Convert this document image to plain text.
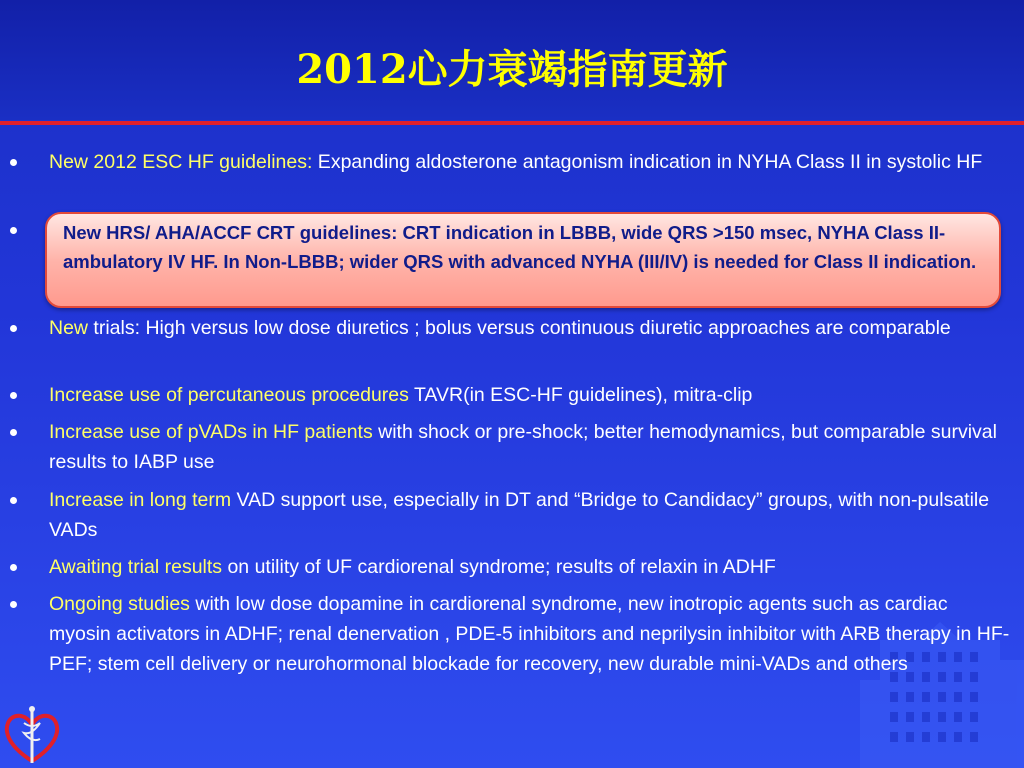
2012心力衰竭指南更新
New 2012 ESC HF guidelines: Expanding aldosterone antagonism indication in NYHA Class II in systolic HF
New trials: High versus low dose diuretics ; bolus versus continuous diuretic approaches are comparable
Increase use of percutaneous procedures TAVR(in ESC-HF guidelines), mitra-clip
Increase use of pVADs in HF patients with shock or pre-shock; better hemodynamics, but comparable survival results to IABP use
Increase in long term VAD support use, especially in DT and “Bridge to Candidacy” groups, with non-pulsatile VADs
Awaiting trial results on utility of UF cardiorenal syndrome; results of relaxin in ADHF
Ongoing studies with low dose dopamine in cardiorenal syndrome, new inotropic agents such as cardiac myosin activators in ADHF; renal denervation , PDE-5 inhibitors and neprilysin inhibitor with ARB therapy in HF-PEF; stem cell delivery or neurohormonal blockade for recovery, new durable mini-VADs and others
New HRS/ AHA/ACCF CRT guidelines: CRT indication in LBBB, wide QRS >150 msec, NYHA Class II-ambulatory IV HF. In Non-LBBB; wider QRS with advanced NYHA (III/IV) is needed for Class II indication.
